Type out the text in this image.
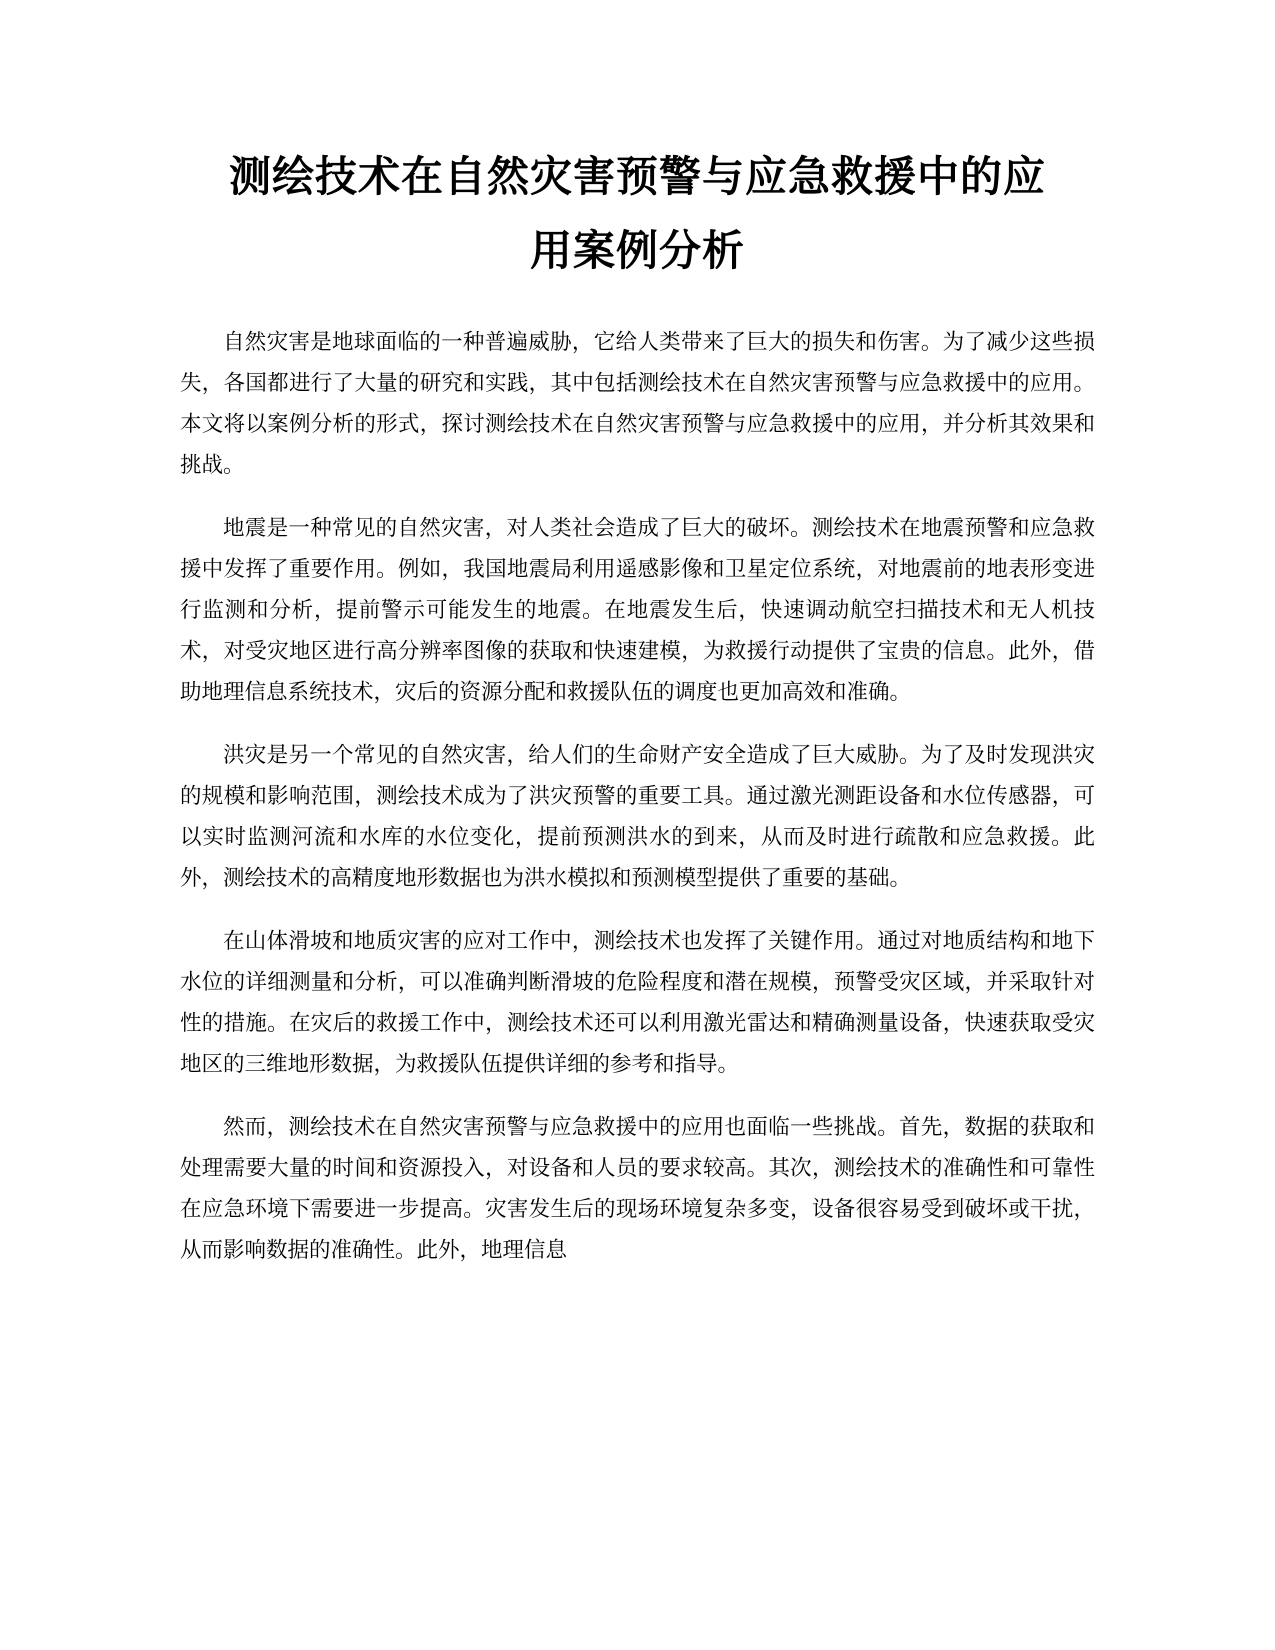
测绘技术在自然灾害预警与应急救援中的应
用案例分析

自然灾害是地球面临的一种普遍威胁，它给人类带来了巨大的损失和伤害。为了减少这些损失，各国都进行了大量的研究和实践，其中包括测绘技术在自然灾害预警与应急救援中的应用。本文将以案例分析的形式，探讨测绘技术在自然灾害预警与应急救援中的应用，并分析其效果和挑战。

地震是一种常见的自然灾害，对人类社会造成了巨大的破坏。测绘技术在地震预警和应急救援中发挥了重要作用。例如，我国地震局利用遥感影像和卫星定位系统，对地震前的地表形变进行监测和分析，提前警示可能发生的地震。在地震发生后，快速调动航空扫描技术和无人机技术，对受灾地区进行高分辨率图像的获取和快速建模，为救援行动提供了宝贵的信息。此外，借助地理信息系统技术，灾后的资源分配和救援队伍的调度也更加高效和准确。

洪灾是另一个常见的自然灾害，给人们的生命财产安全造成了巨大威胁。为了及时发现洪灾的规模和影响范围，测绘技术成为了洪灾预警的重要工具。通过激光测距设备和水位传感器，可以实时监测河流和水库的水位变化，提前预测洪水的到来，从而及时进行疏散和应急救援。此外，测绘技术的高精度地形数据也为洪水模拟和预测模型提供了重要的基础。

在山体滑坡和地质灾害的应对工作中，测绘技术也发挥了关键作用。通过对地质结构和地下水位的详细测量和分析，可以准确判断滑坡的危险程度和潜在规模，预警受灾区域，并采取针对性的措施。在灾后的救援工作中，测绘技术还可以利用激光雷达和精确测量设备，快速获取受灾地区的三维地形数据，为救援队伍提供详细的参考和指导。

然而，测绘技术在自然灾害预警与应急救援中的应用也面临一些挑战。首先，数据的获取和处理需要大量的时间和资源投入，对设备和人员的要求较高。其次，测绘技术的准确性和可靠性在应急环境下需要进一步提高。灾害发生后的现场环境复杂多变，设备很容易受到破坏或干扰，从而影响数据的准确性。此外，地理信息
